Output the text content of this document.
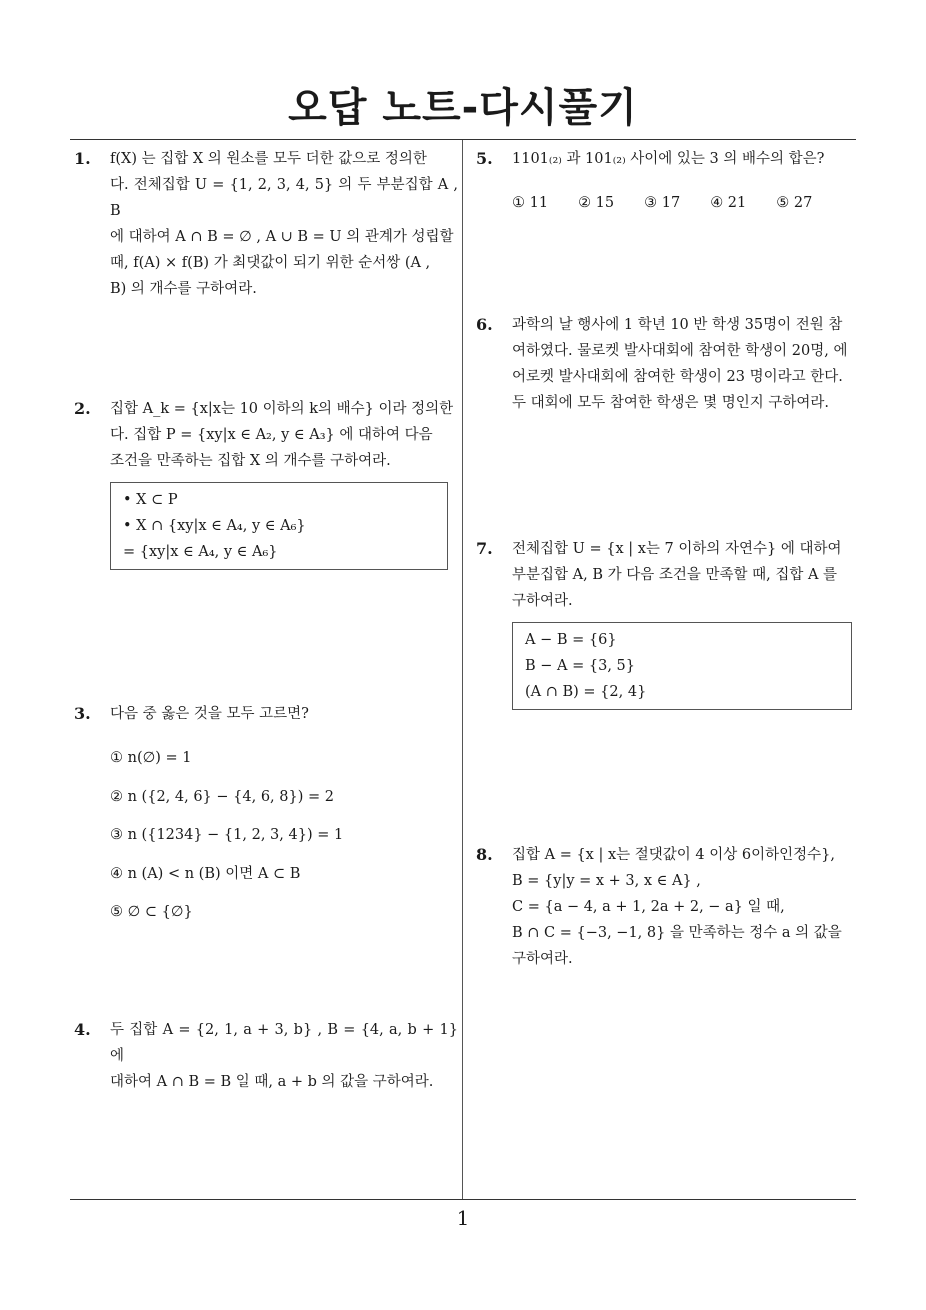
오답 노트-다시풀기
1. f(X) 는 집합 X 의 원소를 모두 더한 값으로 정의한
다. 전체집합 U = {1, 2, 3, 4, 5} 의 두 부분집합 A , B
에 대하여 A ∩ B = ∅ , A ∪ B = U 의 관계가 성립할
때, f(A) × f(B) 가 최댓값이 되기 위한 순서쌍 (A ,
B) 의 개수를 구하여라.
2. 집합 A_k = {x|x는 10 이하의 k의 배수} 이라 정의한
다. 집합 P = {xy|x ∈ A₂, y ∈ A₃} 에 대하여 다음
조건을 만족하는 집합 X 의 개수를 구하여라.
• X ⊂ P
• X ∩ {xy|x ∈ A₄, y ∈ A₆}
= {xy|x ∈ A₄, y ∈ A₆}
3. 다음 중 옳은 것을 모두 고르면?
① n(∅) = 1
② n ({2, 4, 6} − {4, 6, 8}) = 2
③ n ({1234} − {1, 2, 3, 4}) = 1
④ n (A) < n (B) 이면 A ⊂ B
⑤ ∅ ⊂ {∅}
4. 두 집합 A = {2, 1, a + 3, b} , B = {4, a, b + 1} 에
대하여 A ∩ B = B 일 때, a + b 의 값을 구하여라.
5. 1101₍₂₎ 과 101₍₂₎ 사이에 있는 3 의 배수의 합은?
① 11 ② 15 ③ 17 ④ 21 ⑤ 27
6. 과학의 날 행사에 1 학년 10 반 학생 35명이 전원 참
여하였다. 물로켓 발사대회에 참여한 학생이 20명, 에
어로켓 발사대회에 참여한 학생이 23 명이라고 한다.
두 대회에 모두 참여한 학생은 몇 명인지 구하여라.
7. 전체집합 U = {x | x는 7 이하의 자연수} 에 대하여
부분집합 A, B 가 다음 조건을 만족할 때, 집합 A 를
구하여라.
A − B = {6}
B − A = {3, 5}
(A ∩ B) = {2, 4}
8. 집합 A = {x | x는 절댓값이 4 이상 6이하인정수},
B = {y|y = x + 3, x ∈ A} ,
C = {a − 4, a + 1, 2a + 2, − a} 일 때,
B ∩ C = {−3, −1, 8} 을 만족하는 정수 a 의 값을
구하여라.
1
